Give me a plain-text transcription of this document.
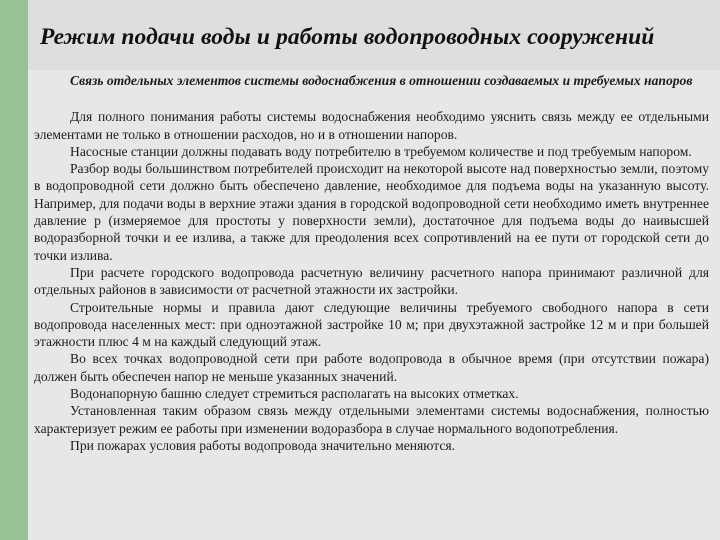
Режим подачи воды и работы водопроводных сооружений

Связь отдельных элементов системы водоснабжения в отношении создаваемых и требуемых напоров

Для полного понимания работы системы водоснабжения необходимо уяснить связь между ее отдельными элементами не только в отношении расходов, но и в отношении напоров.

Насосные станции должны подавать воду потребителю в требуемом количестве и под требуемым напором.

Разбор воды большинством потребителей происходит на некоторой высоте над поверхностью земли, поэтому в водопроводной сети должно быть обеспечено давление, необходимое для подъема воды на указанную высоту. Например, для подачи воды в верхние этажи здания в городской водопроводной сети необходимо иметь внутреннее давление р (измеряемое для простоты у поверхности земли), достаточное для подъема воды до наивысшей водоразборной точки и ее излива, а также для преодоления всех сопротивлений на ее пути от городской сети до точки излива.

При расчете городского водопровода расчетную величину расчетного напора принимают различной для отдельных районов в зависимости от расчетной этажности их застройки.

Строительные нормы и правила дают следующие величины требуемого свободного напора в сети водопровода населенных мест: при одноэтажной застройке 10 м; при двухэтажной застройке 12 м и при большей этажности плюс 4 м на каждый следующий этаж.

Во всех точках водопроводной сети при работе водопровода в обычное время (при отсутствии пожара) должен быть обеспечен напор не меньше указанных значений.

Водонапорную башню следует стремиться располагать на высоких отметках.

Установленная таким образом связь между отдельными элементами системы водоснабжения, полностью характеризует режим ее работы при изменении водоразбора в случае нормального водопотребления.

При пожарах условия работы водопровода значительно меняются.
